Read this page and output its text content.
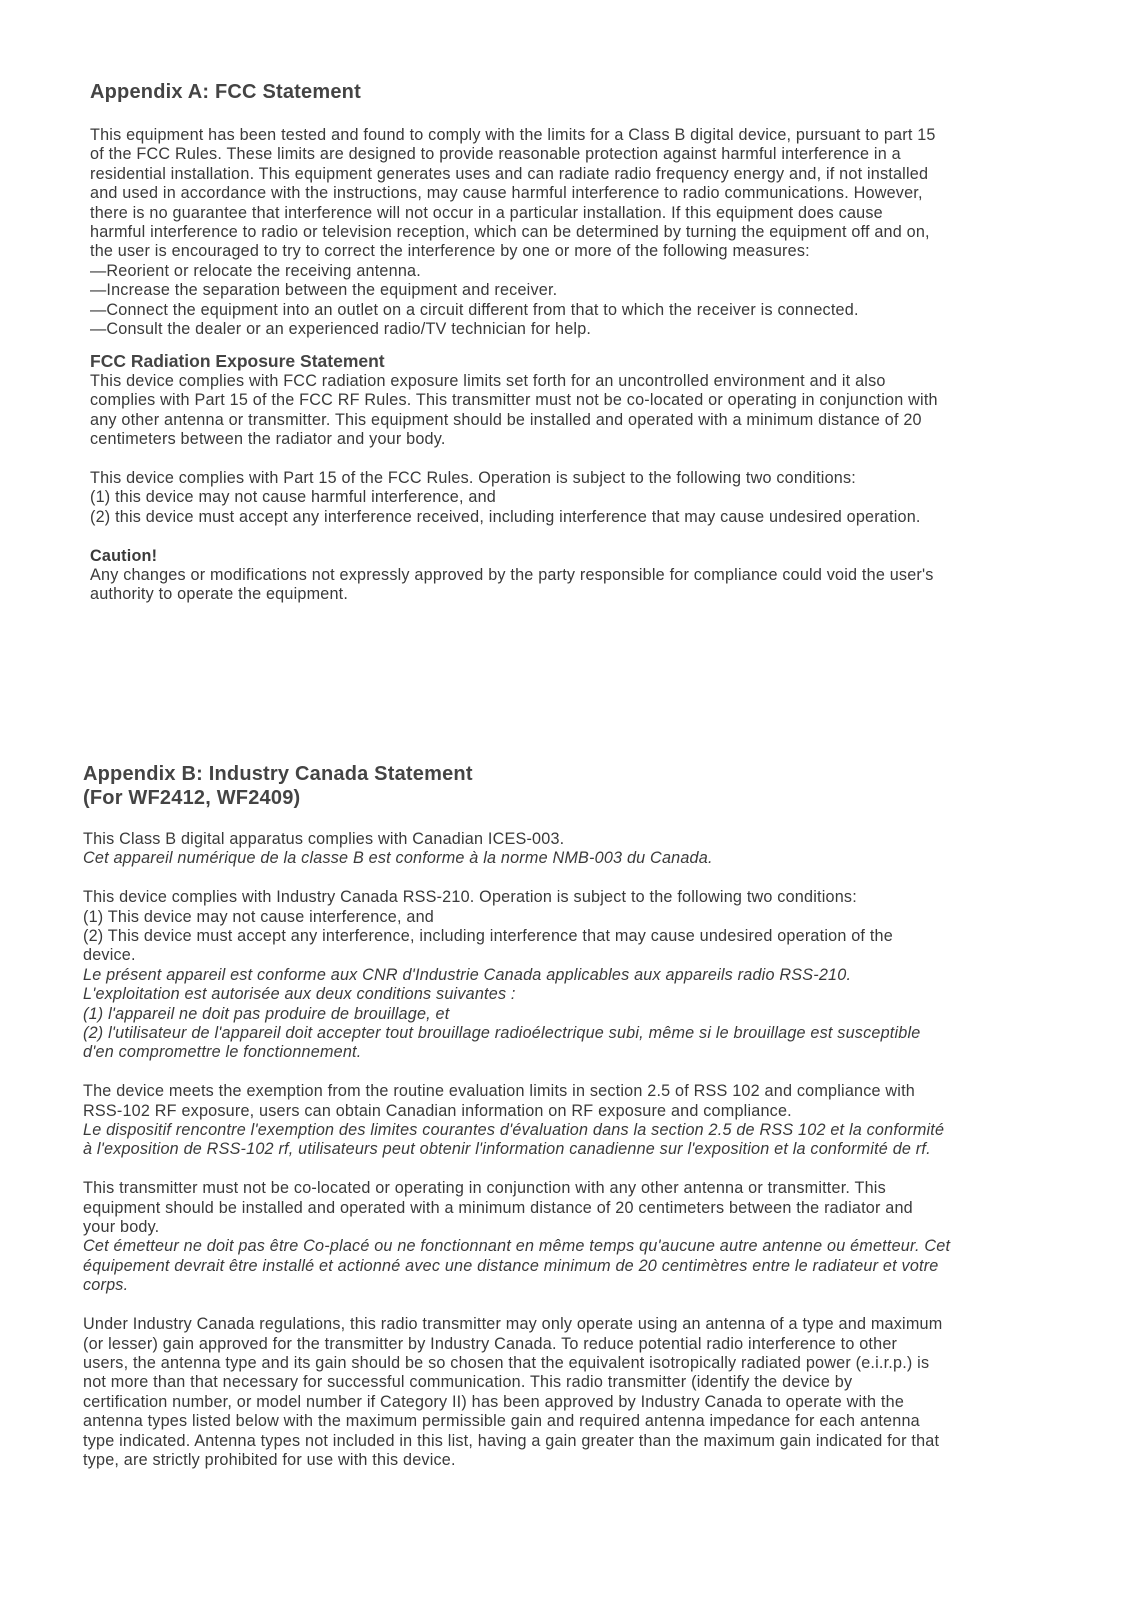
Appendix A: FCC Statement
This equipment has been tested and found to comply with the limits for a Class B digital device, pursuant to part 15
of the FCC Rules. These limits are designed to provide reasonable protection against harmful interference in a
residential installation. This equipment generates uses and can radiate radio frequency energy and, if not installed
and used in accordance with the instructions, may cause harmful interference to radio communications. However,
there is no guarantee that interference will not occur in a particular installation. If this equipment does cause
harmful interference to radio or television reception, which can be determined by turning the equipment off and on,
the user is encouraged to try to correct the interference by one or more of the following measures:
—Reorient or relocate the receiving antenna.
—Increase the separation between the equipment and receiver.
—Connect the equipment into an outlet on a circuit different from that to which the receiver is connected.
—Consult the dealer or an experienced radio/TV technician for help.
FCC Radiation Exposure Statement
This device complies with FCC radiation exposure limits set forth for an uncontrolled environment and it also
complies with Part 15 of the FCC RF Rules. This transmitter must not be co-located or operating in conjunction with
any other antenna or transmitter. This equipment should be installed and operated with a minimum distance of 20
centimeters between the radiator and your body.
This device complies with Part 15 of the FCC Rules. Operation is subject to the following two conditions:
(1) this device may not cause harmful interference, and
(2) this device must accept any interference received, including interference that may cause undesired operation.
Caution!
Any changes or modifications not expressly approved by the party responsible for compliance could void the user's
authority to operate the equipment.
Appendix B: Industry Canada Statement
(For WF2412, WF2409)
This Class B digital apparatus complies with Canadian ICES-003.
Cet appareil numérique de la classe B est conforme à la norme NMB-003 du Canada.
This device complies with Industry Canada RSS-210. Operation is subject to the following two conditions:
(1) This device may not cause interference, and
(2) This device must accept any interference, including interference that may cause undesired operation of the
device.
Le présent appareil est conforme aux CNR d'Industrie Canada applicables aux appareils radio RSS-210.
L'exploitation est autorisée aux deux conditions suivantes :
(1) l'appareil ne doit pas produire de brouillage, et
(2) l'utilisateur de l'appareil doit accepter tout brouillage radioélectrique subi, même si le brouillage est susceptible
d'en compromettre le fonctionnement.
The device meets the exemption from the routine evaluation limits in section 2.5 of RSS 102 and compliance with
RSS-102 RF exposure, users can obtain Canadian information on RF exposure and compliance.
Le dispositif rencontre l'exemption des limites courantes d'évaluation dans la section 2.5 de RSS 102 et la conformité
à l'exposition de RSS-102 rf, utilisateurs peut obtenir l'information canadienne sur l'exposition et la conformité de rf.
This transmitter must not be co-located or operating in conjunction with any other antenna or transmitter. This
equipment should be installed and operated with a minimum distance of 20 centimeters between the radiator and
your body.
Cet émetteur ne doit pas être Co-placé ou ne fonctionnant en même temps qu'aucune autre antenne ou émetteur. Cet
équipement devrait être installé et actionné avec une distance minimum de 20 centimètres entre le radiateur et votre
corps.
Under Industry Canada regulations, this radio transmitter may only operate using an antenna of a type and maximum
(or lesser) gain approved for the transmitter by Industry Canada. To reduce potential radio interference to other
users, the antenna type and its gain should be so chosen that the equivalent isotropically radiated power (e.i.r.p.) is
not more than that necessary for successful communication. This radio transmitter (identify the device by
certification number, or model number if Category II) has been approved by Industry Canada to operate with the
antenna types listed below with the maximum permissible gain and required antenna impedance for each antenna
type indicated. Antenna types not included in this list, having a gain greater than the maximum gain indicated for that
type, are strictly prohibited for use with this device.
